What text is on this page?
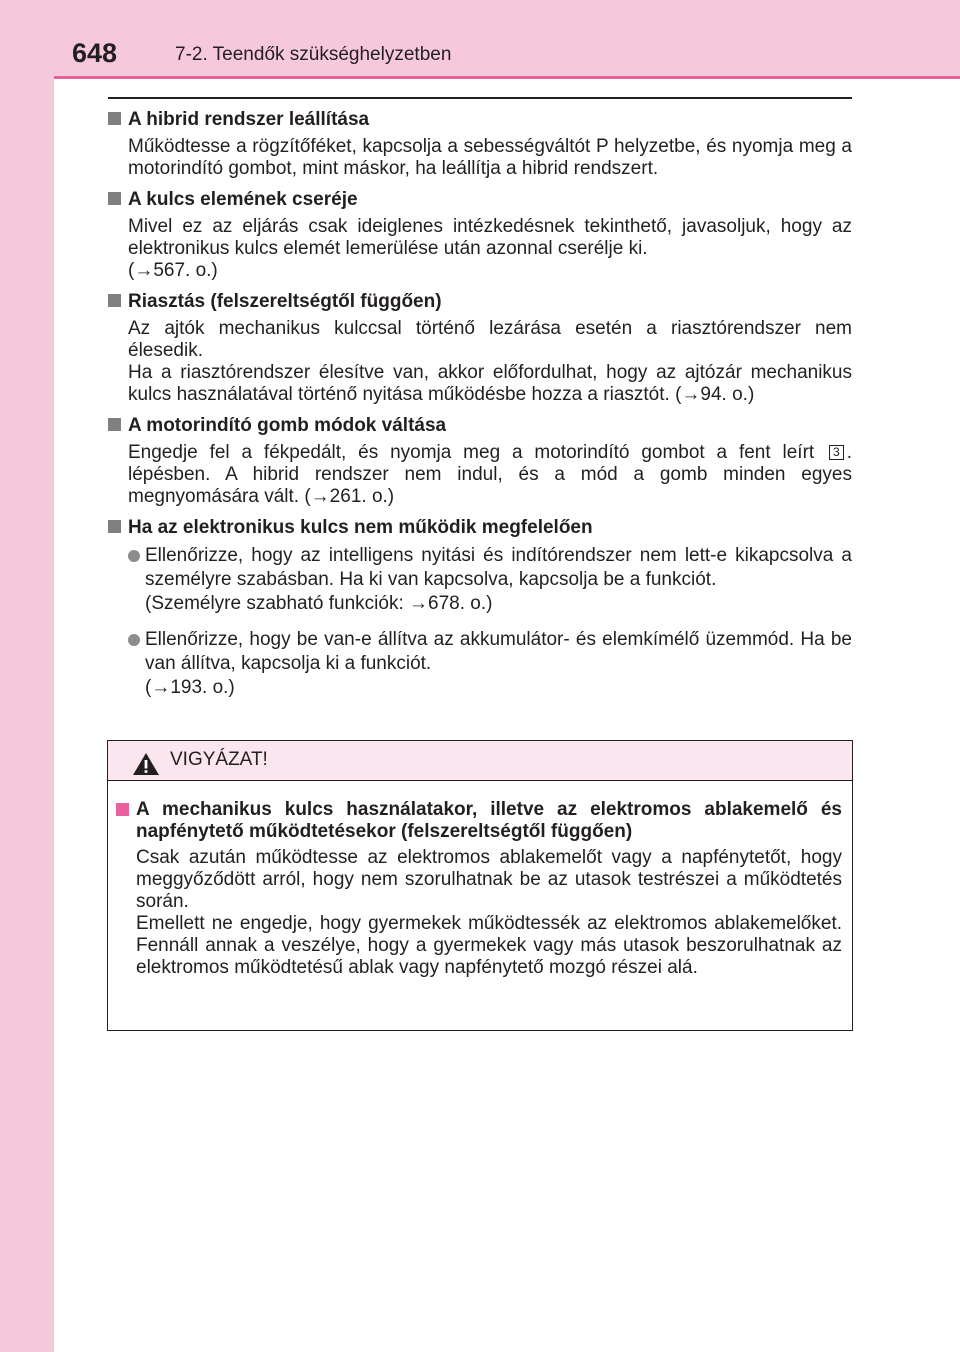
648	7-2. Teendők szükséghelyzetben
A hibrid rendszer leállítása

Működtesse a rögzítőféket, kapcsolja a sebességváltót P helyzetbe, és nyomja meg a motorindító gombot, mint máskor, ha leállítja a hibrid rendszert.

A kulcs elemének cseréje

Mivel ez az eljárás csak ideiglenes intézkedésnek tekinthető, javasoljuk, hogy az elektronikus kulcs elemét lemerülése után azonnal cserélje ki.

(→567. o.)

Riasztás (felszereltségtől függően)

Az ajtók mechanikus kulccsal történő lezárása esetén a riasztórendszer nem élesedik.

Ha a riasztórendszer élesítve van, akkor előfordulhat, hogy az ajtózár mechanikus kulcs használatával történő nyitása működésbe hozza a riasztót. (→94. o.)

A motorindító gomb módok váltása

Engedje fel a fékpedált, és nyomja meg a motorindító gombot a fent leírt 3 . lépésben. A hibrid rendszer nem indul, és a mód a gomb minden egyes megnyomására vált. (→261. o.)

Ha az elektronikus kulcs nem működik megfelelően

Ellenőrizze, hogy az intelligens nyitási és indítórendszer nem lett-e kikapcsolva a személyre szabásban. Ha ki van kapcsolva, kapcsolja be a funkciót.

(Személyre szabható funkciók: →678. o.)

Ellenőrizze, hogy be van-e állítva az akkumulátor- és elemkímélő üzemmód. Ha be van állítva, kapcsolja ki a funkciót.

(→193. o.)

VIGYÁZAT!
A mechanikus kulcs használatakor, illetve az elektromos ablakemelő és napfénytető működtetésekor (felszereltségtől függően)

Csak azután működtesse az elektromos ablakemelőt vagy a napfénytetőt, hogy meggyőződött arról, hogy nem szorulhatnak be az utasok testrészei a működtetés során.

Emellett ne engedje, hogy gyermekek működtessék az elektromos ablakemelőket. Fennáll annak a veszélye, hogy a gyermekek vagy más utasok beszorulhatnak az elektromos működtetésű ablak vagy napfénytető mozgó részei alá.
